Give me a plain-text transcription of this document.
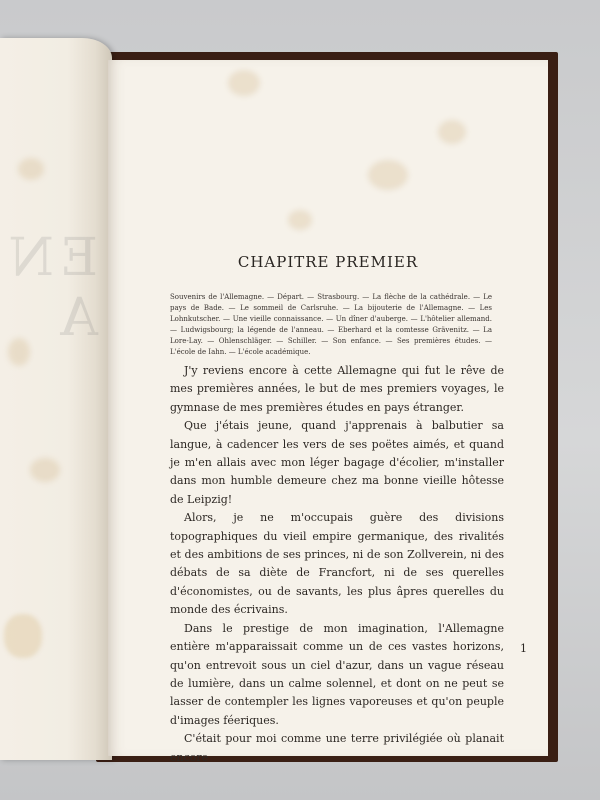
EN A
CHAPITRE PREMIER
Souvenirs de l'Allemagne. — Départ. — Strasbourg. — La flèche de la cathédrale. — Le pays de Bade. — Le sommeil de Carlsruhe. — La bijouterie de l'Allemagne. — Les Lohnkutscher. — Une vieille connaissance. — Un dîner d'auberge. — L'hôtelier allemand. — Ludwigsbourg; la légende de l'anneau. — Eberhard et la comtesse Grävenitz. — La Lore-Lay. — Ohlenschläger. — Schiller. — Son enfance. — Ses premières études. — L'école de Iahn. — L'école académique.

J'y reviens encore à cette Allemagne qui fut le rêve de mes premières années, le but de mes premiers voyages, le gymnase de mes premières études en pays étranger.

Que j'étais jeune, quand j'apprenais à balbutier sa langue, à cadencer les vers de ses poëtes aimés, et quand je m'en allais avec mon léger bagage d'écolier, m'installer dans mon humble demeure chez ma bonne vieille hôtesse de Leipzig!

Alors, je ne m'occupais guère des divisions topographiques du vieil empire germanique, des rivalités et des ambitions de ses princes, ni de son Zollverein, ni des débats de sa diète de Francfort, ni de ses querelles d'économistes, ou de savants, les plus âpres querelles du monde des écrivains.

Dans le prestige de mon imagination, l'Allemagne entière m'apparaissait comme un de ces vastes horizons, qu'on entrevoit sous un ciel d'azur, dans un vague réseau de lumière, dans un calme solennel, et dont on ne peut se lasser de contempler les lignes vaporeuses et qu'on peuple d'images féeriques.

C'était pour moi comme une terre privilégiée où planait encore

1
